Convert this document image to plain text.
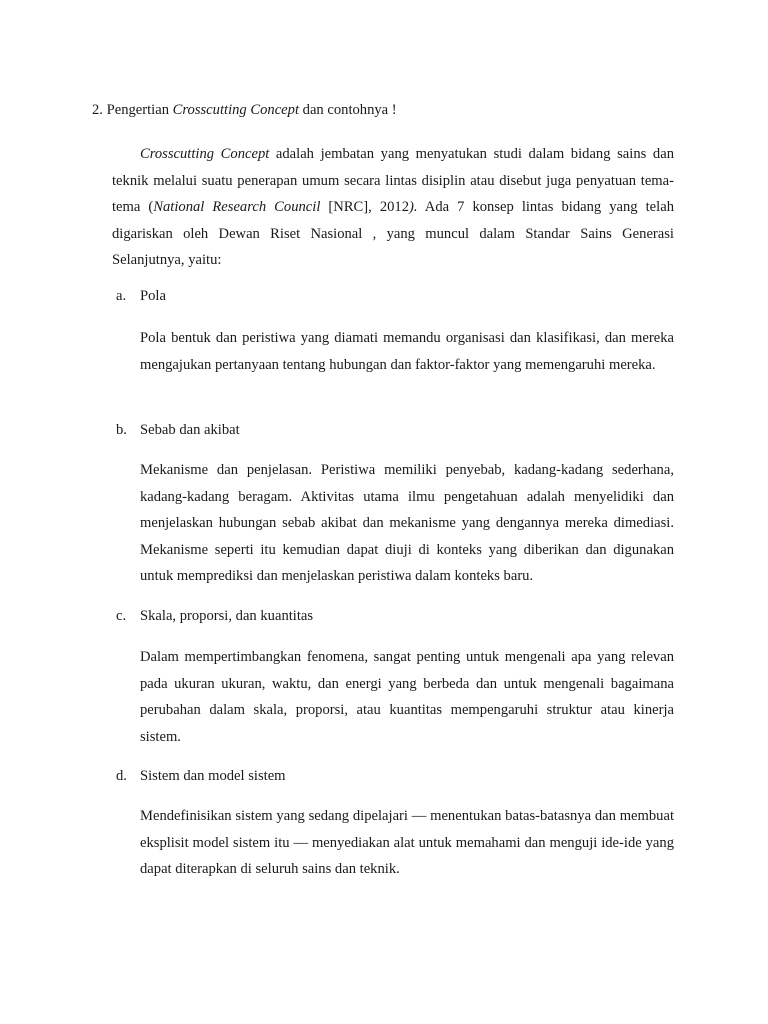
2. Pengertian Crosscutting Concept dan contohnya !
Crosscutting Concept adalah jembatan yang menyatukan studi dalam bidang sains dan teknik melalui suatu penerapan umum secara lintas disiplin atau disebut juga penyatuan tema-tema (National Research Council [NRC], 2012). Ada 7 konsep lintas bidang yang telah digariskan oleh Dewan Riset Nasional , yang muncul dalam Standar Sains Generasi Selanjutnya, yaitu:
a. Pola
Pola bentuk dan peristiwa yang diamati memandu organisasi dan klasifikasi, dan mereka mengajukan pertanyaan tentang hubungan dan faktor-faktor yang memengaruhi mereka.
b. Sebab dan akibat
Mekanisme dan penjelasan. Peristiwa memiliki penyebab, kadang-kadang sederhana, kadang-kadang beragam. Aktivitas utama ilmu pengetahuan adalah menyelidiki dan menjelaskan hubungan sebab akibat dan mekanisme yang dengannya mereka dimediasi. Mekanisme seperti itu kemudian dapat diuji di konteks yang diberikan dan digunakan untuk memprediksi dan menjelaskan peristiwa dalam konteks baru.
c. Skala, proporsi, dan kuantitas
Dalam mempertimbangkan fenomena, sangat penting untuk mengenali apa yang relevan pada ukuran ukuran, waktu, dan energi yang berbeda dan untuk mengenali bagaimana perubahan dalam skala, proporsi, atau kuantitas mempengaruhi struktur atau kinerja sistem.
d. Sistem dan model sistem
Mendefinisikan sistem yang sedang dipelajari — menentukan batas-batasnya dan membuat eksplisit model sistem itu — menyediakan alat untuk memahami dan menguji ide-ide yang dapat diterapkan di seluruh sains dan teknik.
